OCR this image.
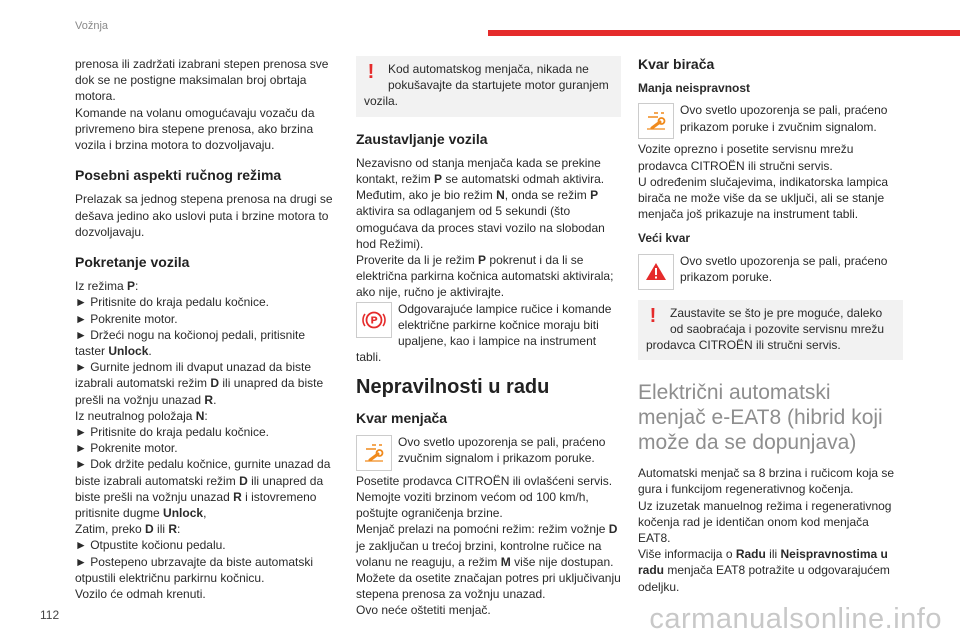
Vožnja

prenosa ili zadržati izabrani stepen prenosa sve dok se ne postigne maksimalan broj obrtaja motora.

Komande na volanu omogućavaju vozaču da privremeno bira stepene prenosa, ako brzina vozila i brzina motora to dozvoljavaju.

Posebni aspekti ručnog režima

Prelazak sa jednog stepena prenosa na drugi se dešava jedino ako uslovi puta i brzine motora to dozvoljavaju.

Pokretanje vozila

Iz režima P:

► Pritisnite do kraja pedalu kočnice.

► Pokrenite motor.

► Držeći nogu na kočionoj pedali, pritisnite taster Unlock.

► Gurnite jednom ili dvaput unazad da biste izabrali automatski režim D ili unapred da biste prešli na vožnju unazad R.

Iz neutralnog položaja N:

► Pritisnite do kraja pedalu kočnice.

► Pokrenite motor.

► Dok držite pedalu kočnice, gurnite unazad da biste izabrali automatski režim D ili unapred da biste prešli na vožnju unazad R i istovremeno pritisnite dugme Unlock,

Zatim, preko D ili R:

► Otpustite kočionu pedalu.

► Postepeno ubrzavajte da biste automatski otpustili električnu parkirnu kočnicu.

Vozilo će odmah krenuti.

!	Kod automatskog menjača, nikada ne pokušavajte da startujete motor guranjem vozila.
Zaustavljanje vozila

Nezavisno od stanja menjača kada se prekine kontakt, režim P se automatski odmah aktivira.

Međutim, ako je bio režim N, onda se režim P aktivira sa odlaganjem od 5 sekundi (što omogućava da proces stavi vozilo na slobodan hod Režimi).

Proverite da li je režim P pokrenut i da li se električna parkirna kočnica automatski aktivirala; ako nije, ručno je aktivirajte.

P

Odgovarajuće lampice ručice i komande električne parkirne kočnice moraju biti upaljene, kao i lampice na instrument tabli.

Nepravilnosti u radu
Kvar menjača

Ovo svetlo upozorenja se pali, praćeno zvučnim signalom i prikazom poruke.

Posetite prodavca CITROËN ili ovlašćeni servis.

Nemojte voziti brzinom većom od 100 km/h, poštujte ograničenja brzine.

Menjač prelazi na pomoćni režim: režim vožnje D je zaključan u trećoj brzini, kontrolne ručice na volanu ne reaguju, a režim M više nije dostupan. Možete da osetite značajan potres pri uključivanju stepena prenosa za vožnju unazad.

Ovo neće oštetiti menjač.

Kvar birača
Manja neispravnost

Ovo svetlo upozorenja se pali, praćeno prikazom poruke i zvučnim signalom.

Vozite oprezno i posetite servisnu mrežu prodavca CITROËN ili stručni servis.

U određenim slučajevima, indikatorska lampica birača ne može više da se uključi, ali se stanje menjača još prikazuje na instrument tabli.

Veći kvar

Ovo svetlo upozorenja se pali, praćeno prikazom poruke.

!	Zaustavite se što je pre moguće, daleko od saobraćaja i pozovite servisnu mrežu prodavca CITROËN ili stručni servis.
Električni automatski menjač e-EAT8 (hibrid koji može da se dopunjava)

Automatski menjač sa 8 brzina i ručicom koja se gura i funkcijom regenerativnog kočenja.

Uz izuzetak manuelnog režima i regenerativnog kočenja rad je identičan onom kod menjača EAT8.

Više informacija o Radu ili Neispravnostima u radu menjača EAT8 potražite u odgovarajućem odeljku.

112	carmanualsonline.info
